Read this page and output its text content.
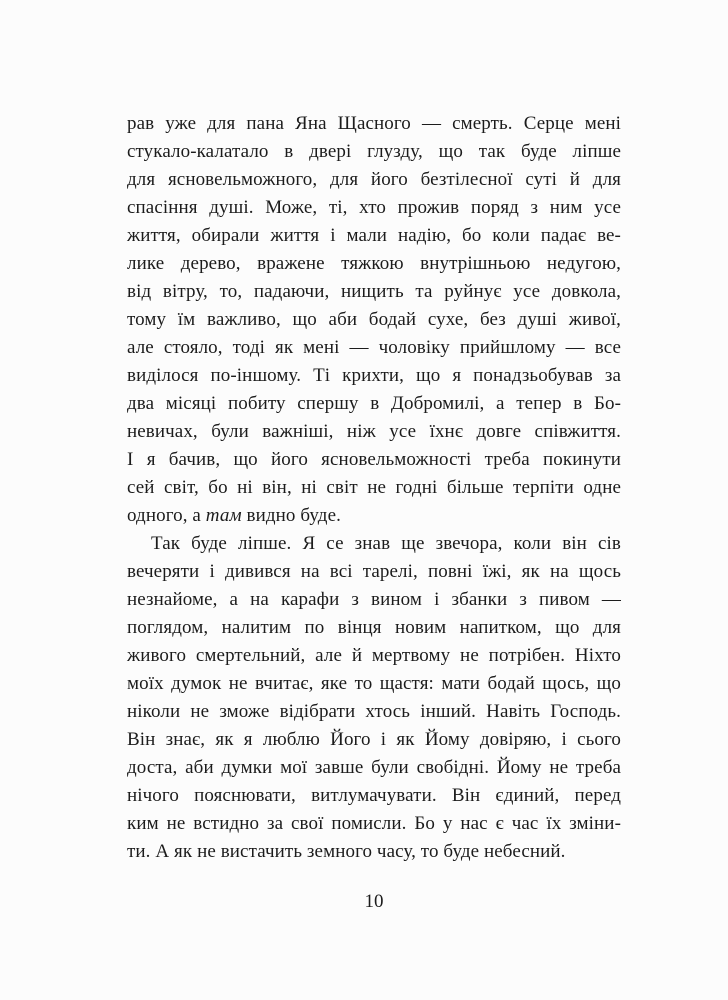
рав уже для пана Яна Щасного — смерть. Серце мені
стукало-калатало в двері глузду, що так буде ліпше
для ясновельможного, для його безтілесної суті й для
спасіння душі. Може, ті, хто прожив поряд з ним усе
життя, обирали життя і мали надію, бо коли падає ве-
лике дерево, вражене тяжкою внутрішньою недугою,
від вітру, то, падаючи, нищить та руйнує усе довкола,
тому їм важливо, що аби бодай сухе, без душі живої,
але стояло, тоді як мені — чоловіку прийшлому — все
виділося по-іншому. Ті крихти, що я понадзьобував за
два місяці побиту спершу в Добромилі, а тепер в Бо-
невичах, були важніші, ніж усе їхнє довге співжиття.
І я бачив, що його ясновельможності треба покинути
сей світ, бо ні він, ні світ не годні більше терпіти одне
одного, а там видно буде.
Так буде ліпше. Я се знав ще звечора, коли він сів
вечеряти і дивився на всі тарелі, повні їжі, як на щось
незнайоме, а на карафи з вином і збанки з пивом —
поглядом, налитим по вінця новим напитком, що для
живого смертельний, але й мертвому не потрібен. Ніхто
моїх думок не вчитає, яке то щастя: мати бодай щось, що
ніколи не зможе відібрати хтось інший. Навіть Господь.
Він знає, як я люблю Його і як Йому довіряю, і сього
доста, аби думки мої завше були свобідні. Йому не треба
нічого пояснювати, витлумачувати. Він єдиний, перед
ким не встидно за свої помисли. Бо у нас є час їх зміни-
ти. А як не вистачить земного часу, то буде небесний.
10
